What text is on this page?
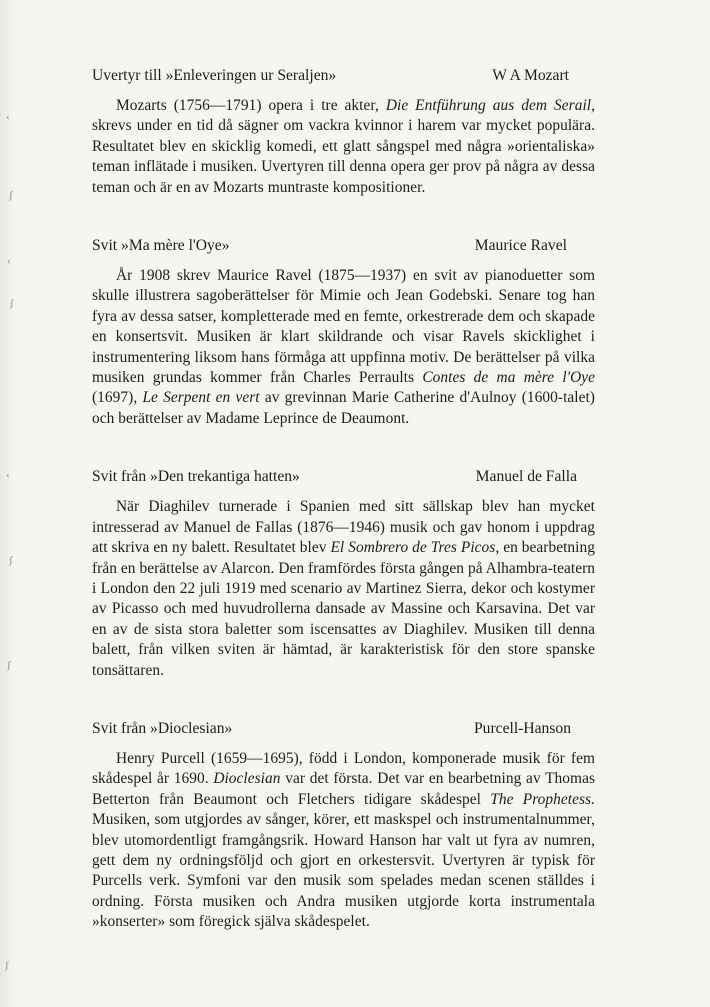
‹
ʃ
‹
ʃ
‹
ʃ
ʃ
ʃ
Uvertyr till »Enleveringen ur Seraljen»	W A Mozart

Mozarts (1756—1791) opera i tre akter, Die Entführung aus dem Serail, skrevs under en tid då sägner om vackra kvinnor i harem var mycket populära. Resultatet blev en skicklig komedi, ett glatt sångspel med några »orientaliska» teman inflätade i musiken. Uvertyren till denna opera ger prov på några av dessa teman och är en av Mozarts muntraste kompositioner.

Svit »Ma mère l'Oye»	Maurice Ravel

År 1908 skrev Maurice Ravel (1875—1937) en svit av pianoduetter som skulle illustrera sagoberättelser för Mimie och Jean Godebski. Senare tog han fyra av dessa satser, kompletterade med en femte, orkestrerade dem och skapade en konsertsvit. Musiken är klart skildrande och visar Ravels skicklighet i instrumentering liksom hans förmåga att uppfinna motiv. De berättelser på vilka musiken grundas kommer från Charles Perraults Contes de ma mère l'Oye (1697), Le Serpent en vert av grevinnan Marie Catherine d'Aulnoy (1600-talet) och berättelser av Madame Leprince de Deaumont.

Svit från »Den trekantiga hatten»	Manuel de Falla

När Diaghilev turnerade i Spanien med sitt sällskap blev han mycket intresserad av Manuel de Fallas (1876—1946) musik och gav honom i uppdrag att skriva en ny balett. Resultatet blev El Sombrero de Tres Picos, en bearbetning från en berättelse av Alarcon. Den framfördes första gången på Alhambra-teatern i London den 22 juli 1919 med scenario av Martinez Sierra, dekor och kostymer av Picasso och med huvudrollerna dansade av Massine och Karsavina. Det var en av de sista stora baletter som iscensattes av Diaghilev. Musiken till denna balett, från vilken sviten är hämtad, är karakteristisk för den store spanske tonsättaren.

Svit från »Dioclesian»	Purcell-Hanson

Henry Purcell (1659—1695), född i London, komponerade musik för fem skådespel år 1690. Dioclesian var det första. Det var en bearbetning av Thomas Betterton från Beaumont och Fletchers tidigare skådespel The Prophetess. Musiken, som utgjordes av sånger, körer, ett maskspel och instrumentalnummer, blev utomordentligt framgångsrik. Howard Hanson har valt ut fyra av numren, gett dem ny ordningsföljd och gjort en orkestersvit. Uvertyren är typisk för Purcells verk. Symfoni var den musik som spelades medan scenen ställdes i ordning. Första musiken och Andra musiken utgjorde korta instrumentala »konserter» som föregick själva skådespelet.
